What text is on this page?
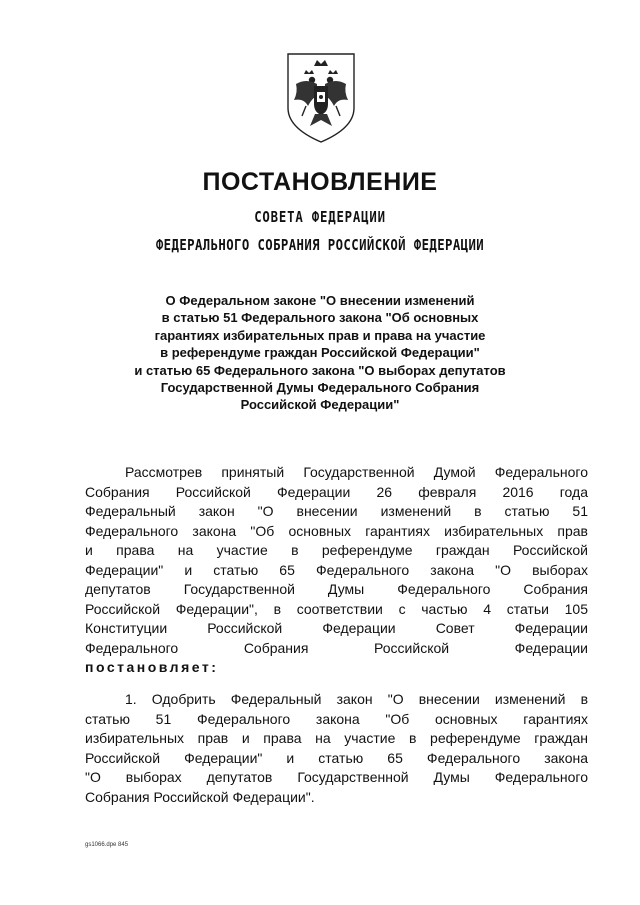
ПОСТАНОВЛЕНИЕ
СОВЕТА ФЕДЕРАЦИИ
ФЕДЕРАЛЬНОГО СОБРАНИЯ РОССИЙСКОЙ ФЕДЕРАЦИИ
О Федеральном законе "О внесении изменений
в статью 51 Федерального закона "Об основных
гарантиях избирательных прав и права на участие
в референдуме граждан Российской Федерации"
и статью 65 Федерального закона "О выборах депутатов
Государственной Думы Федерального Собрания
Российской Федерации"
Рассмотрев принятый Государственной Думой Федерального
Собрания Российской Федерации 26 февраля 2016 года
Федеральный закон "О внесении изменений в статью 51
Федерального закона "Об основных гарантиях избирательных прав
и права на участие в референдуме граждан Российской
Федерации" и статью 65 Федерального закона "О выборах
депутатов Государственной Думы Федерального Собрания
Российской Федерации", в соответствии с частью 4 статьи 105
Конституции Российской Федерации Совет Федерации
Федерального Собрания Российской Федерации
постановляет:
1. Одобрить Федеральный закон "О внесении изменений в
статью 51 Федерального закона "Об основных гарантиях
избирательных прав и права на участие в референдуме граждан
Российской Федерации" и статью 65 Федерального закона
"О выборах депутатов Государственной Думы Федерального
Собрания Российской Федерации".
gs1066.dpe 845
